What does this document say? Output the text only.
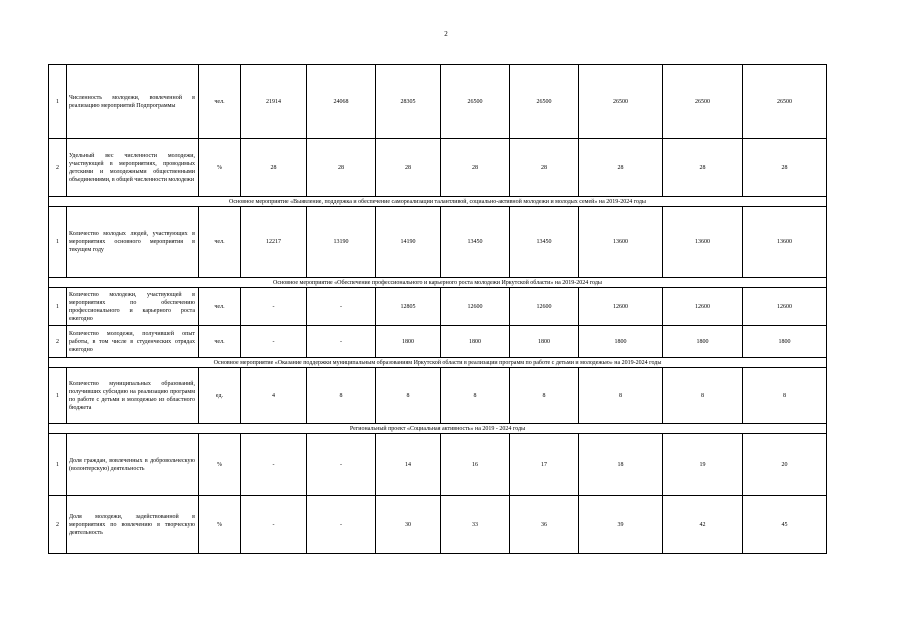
2
1	Численность молодежи, вовлеченной в реализацию мероприятий Подпрограммы	чел.	21914	24068	28305	26500	26500	26500	26500	26500
2	Удельный вес численности молодежи, участвующей в мероприятиях, проводимых детскими и молодежными общественными объединениями, в общей численности молодежи	%	28	28	28	28	28	28	28	28
Основное мероприятие «Выявление, поддержка и обеспечение самореализации талантливой, социально-активной молодежи и молодых семей» на 2019-2024 годы										
1	Количество молодых людей, участвующих в мероприятиях основного мероприятия в текущем году	чел.	12217	13190	14190	13450	13450	13600	13600	13600
Основное мероприятие «Обеспечение профессионального и карьерного роста молодежи Иркутской области» на 2019-2024 годы										
1	Количество молодежи, участвующей в мероприятиях по обеспечению профессионального и карьерного роста ежегодно	чел.	-	-	12805	12600	12600	12600	12600	12600
2	Количество молодежи, получившей опыт работы, в том числе в студенческих отрядах ежегодно	чел.	-	-	1800	1800	1800	1800	1800	1800
Основное мероприятие «Оказание поддержки муниципальным образованиям Иркутской области в реализации программ по работе с детьми и молодежью» на 2019-2024 годы										
1	Количество муниципальных образований, получивших субсидию на реализацию программ по работе с детьми и молодежью из областного бюджета	ед.	4	8	8	8	8	8	8	8
Региональный проект «Социальная активность» на 2019 - 2024 годы										
1	Доля граждан, вовлеченных в добровольческую (волонтерскую) деятельность	%	-	-	14	16	17	18	19	20
2	Доля молодежи, задействованной в мероприятиях по вовлечению в творческую деятельность	%	-	-	30	33	36	39	42	45
